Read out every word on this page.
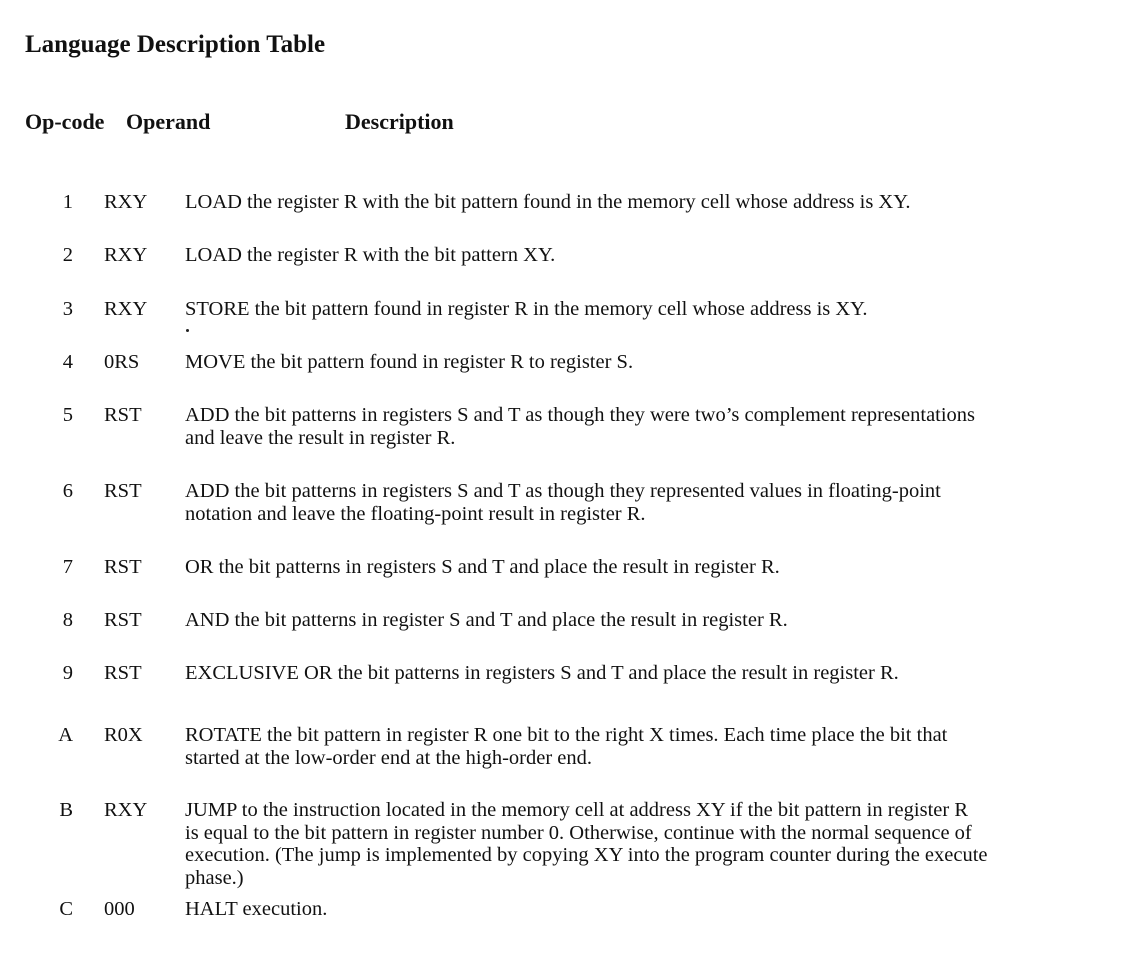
Language Description Table
Op-code Operand	Description
1 RXY LOAD the register R with the bit pattern found in the memory cell whose address is XY.
2 RXY LOAD the register R with the bit pattern XY.
3 RXY STORE the bit pattern found in register R in the memory cell whose address is XY.
4 0RS MOVE the bit pattern found in register R to register S.
5 RST ADD the bit patterns in registers S and T as though they were two’s complement representations
and leave the result in register R.
6 RST ADD the bit patterns in registers S and T as though they represented values in floating-point
notation and leave the floating-point result in register R.
7 RST OR the bit patterns in registers S and T and place the result in register R.
8 RST AND the bit patterns in register S and T and place the result in register R.
9 RST EXCLUSIVE OR the bit patterns in registers S and T and place the result in register R.
A R0X ROTATE the bit pattern in register R one bit to the right X times. Each time place the bit that
started at the low-order end at the high-order end.
B RXY JUMP to the instruction located in the memory cell at address XY if the bit pattern in register R
is equal to the bit pattern in register number 0. Otherwise, continue with the normal sequence of
execution. (The jump is implemented by copying XY into the program counter during the execute
phase.)
C 000 HALT execution.
